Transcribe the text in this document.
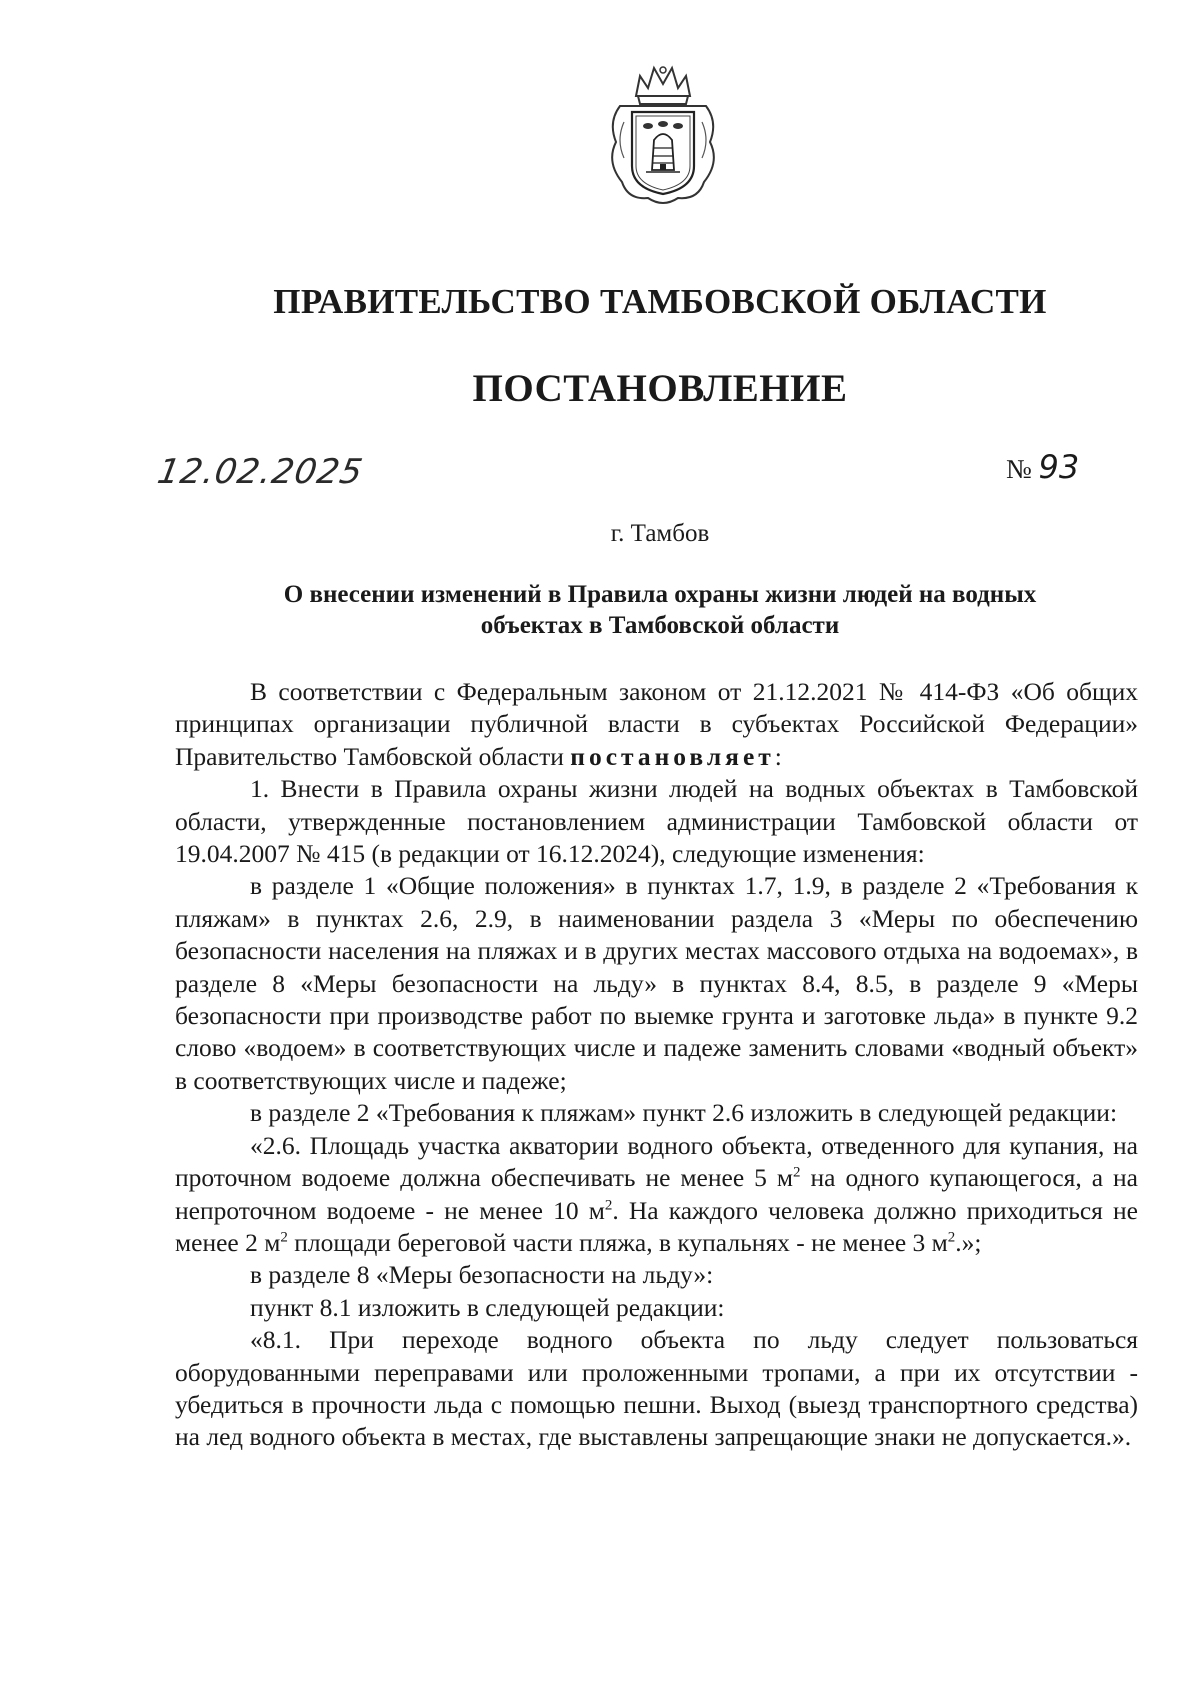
ПРАВИТЕЛЬСТВО ТАМБОВСКОЙ ОБЛАСТИ
ПОСТАНОВЛЕНИЕ
12.02.2025	№ 93
г. Тамбов
О внесении изменений в Правила охраны жизни людей на водных
объектах в Тамбовской области

В соответствии с Федеральным законом от 21.12.2021 № 414-ФЗ «Об общих принципах организации публичной власти в субъектах Российской Федерации» Правительство Тамбовской области постановляет:

1. Внести в Правила охраны жизни людей на водных объектах в Тамбовской области, утвержденные постановлением администрации Тамбовской области от 19.04.2007 № 415 (в редакции от 16.12.2024), следующие изменения:

в разделе 1 «Общие положения» в пунктах 1.7, 1.9, в разделе 2 «Требования к пляжам» в пунктах 2.6, 2.9, в наименовании раздела 3 «Меры по обеспечению безопасности населения на пляжах и в других местах массового отдыха на водоемах», в разделе 8 «Меры безопасности на льду» в пунктах 8.4, 8.5, в разделе 9 «Меры безопасности при производстве работ по выемке грунта и заготовке льда» в пункте 9.2 слово «водоем» в соответствующих числе и падеже заменить словами «водный объект» в соответствующих числе и падеже;

в разделе 2 «Требования к пляжам» пункт 2.6 изложить в следующей редакции:

«2.6. Площадь участка акватории водного объекта, отведенного для купания, на проточном водоеме должна обеспечивать не менее 5 $м^2$ на одного купающегося, а на непроточном водоеме - не менее 10 $м^2$. На каждого человека должно приходиться не менее 2 $м^2$ площади береговой части пляжа, в купальнях - не менее 3 $м^2$.»;

в разделе 8 «Меры безопасности на льду»:

пункт 8.1 изложить в следующей редакции:

«8.1. При переходе водного объекта по льду следует пользоваться оборудованными переправами или проложенными тропами, а при их отсутствии - убедиться в прочности льда с помощью пешни. Выход (выезд транспортного средства) на лед водного объекта в местах, где выставлены запрещающие знаки не допускается.».
